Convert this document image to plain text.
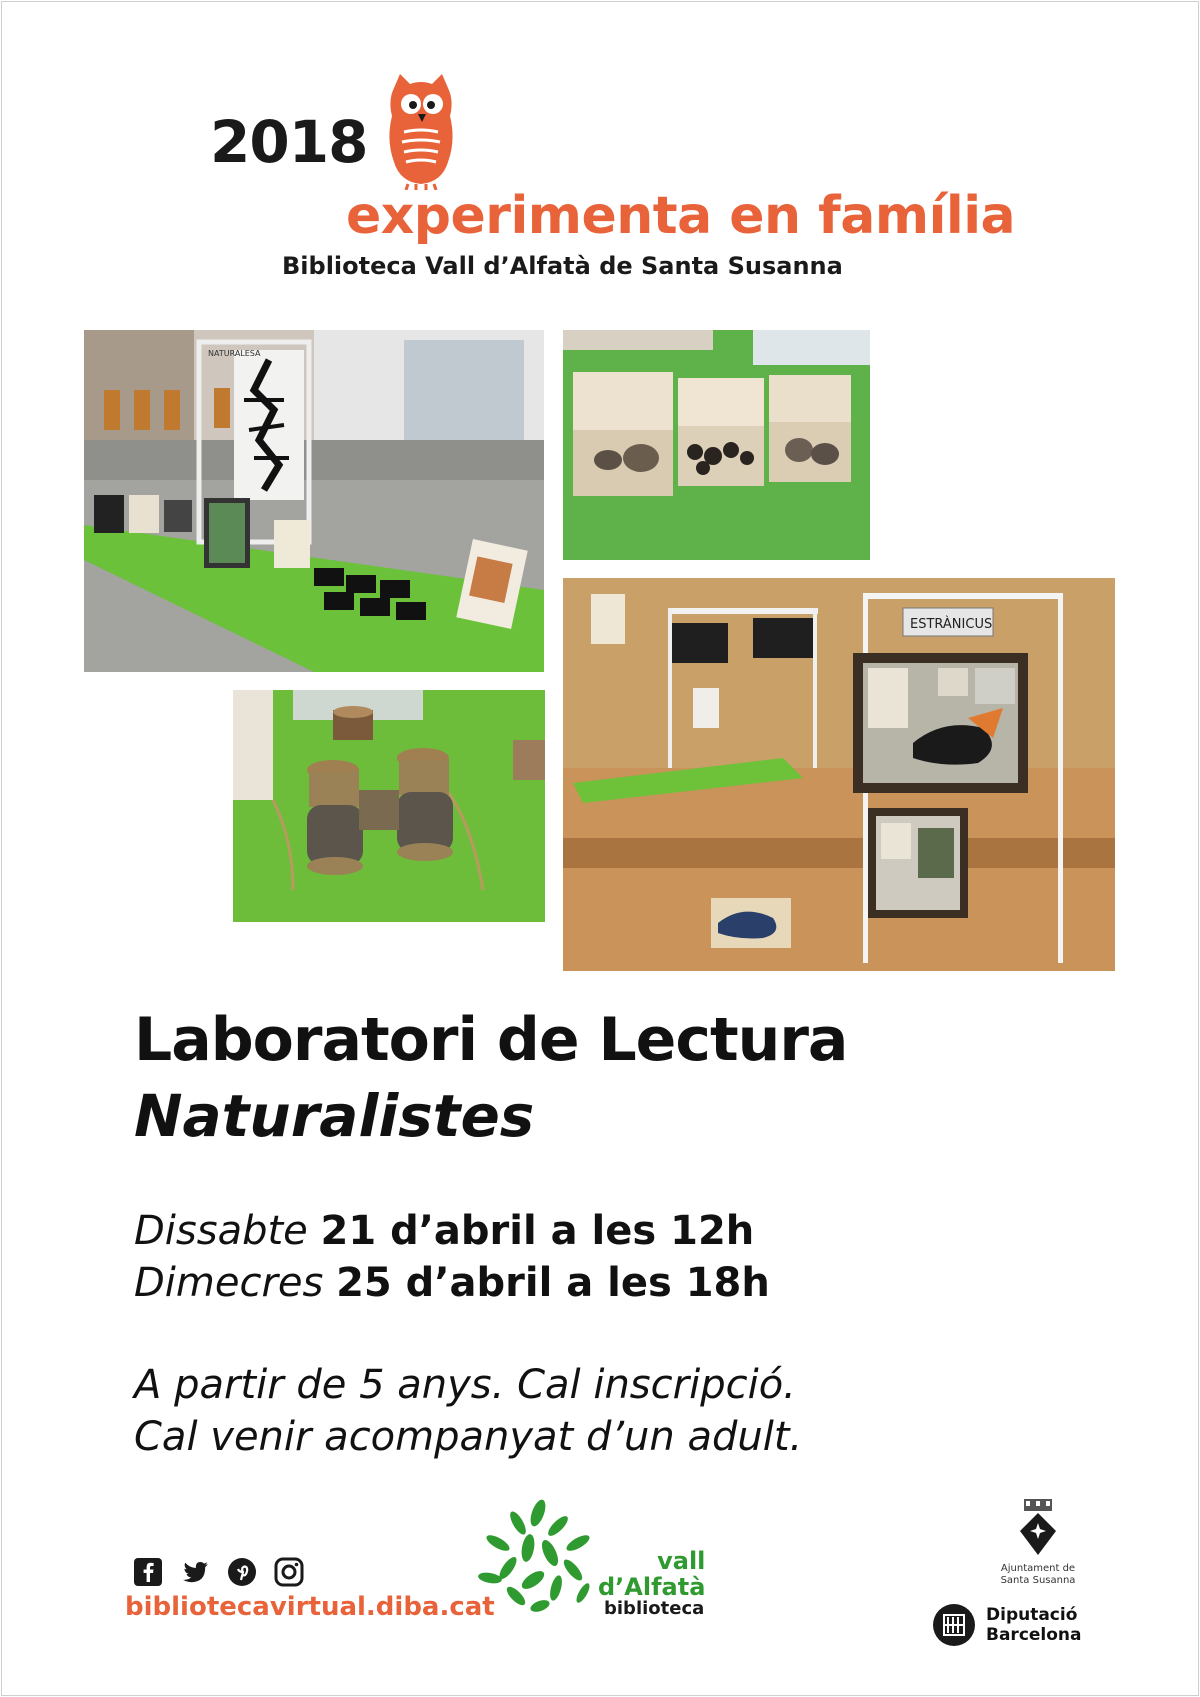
2018
experimenta en família
Biblioteca Vall d’Alfatà de Santa Susanna
NATURALESA
ESTRÀNICUS
Laboratori de Lectura
Naturalistes
Dissabte 21 d’abril a les 12h
Dimecres 25 d’abril a les 18h
A partir de 5 anys. Cal inscripció.
Cal venir acompanyat d’un adult.

bibliotecavirtual.diba.cat
vall
d’Alfatà
biblioteca
Ajuntament de
Santa Susanna
Diputació
Barcelona
